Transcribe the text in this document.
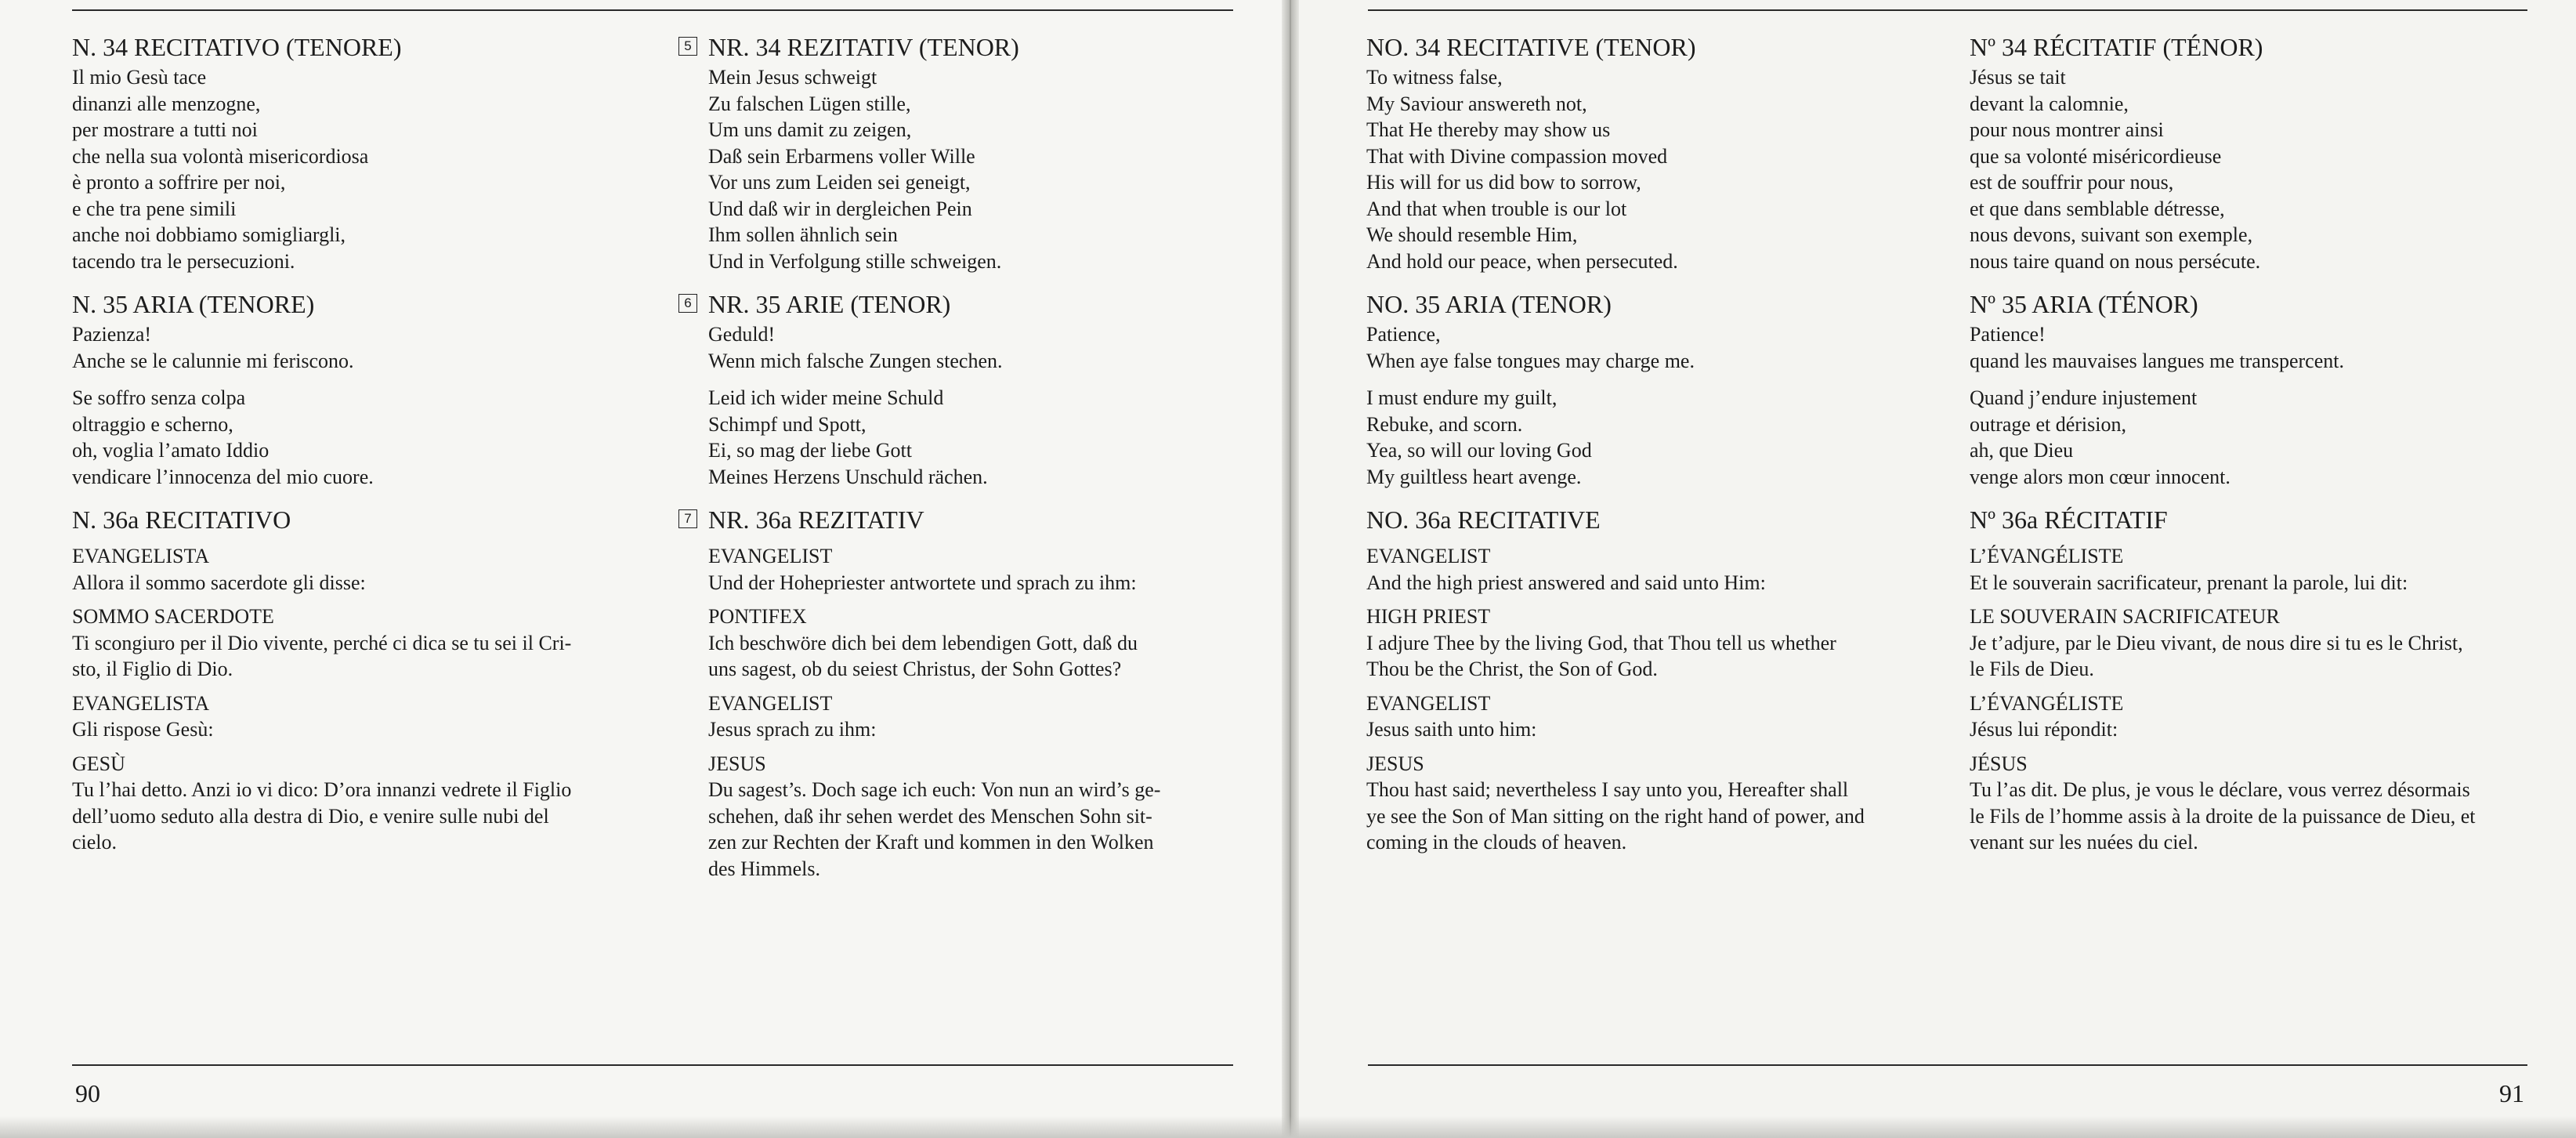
N. 34 RECITATIVO (TENORE)
Il mio Gesù tace
dinanzi alle menzogne,
per mostrare a tutti noi
che nella sua volontà misericordiosa
è pronto a soffrire per noi,
e che tra pene simili
anche noi dobbiamo somigliargli,
tacendo tra le persecuzioni.
N. 35 ARIA (TENORE)
Pazienza!
Anche se le calunnie mi feriscono.
Se soffro senza colpa
oltraggio e scherno,
oh, voglia l’amato Iddio
vendicare l’innocenza del mio cuore.
N. 36a RECITATIVO
EVANGELISTA
Allora il sommo sacerdote gli disse:
SOMMO SACERDOTE
Ti scongiuro per il Dio vivente, perché ci dica se tu sei il Cri-
sto, il Figlio di Dio.
EVANGELISTA
Gli rispose Gesù:
GESÙ
Tu l’hai detto. Anzi io vi dico: D’ora innanzi vedrete il Figlio
dell’uomo seduto alla destra di Dio, e venire sulle nubi del
cielo.
5 NR. 34 REZITATIV (TENOR)
Mein Jesus schweigt
Zu falschen Lügen stille,
Um uns damit zu zeigen,
Daß sein Erbarmens voller Wille
Vor uns zum Leiden sei geneigt,
Und daß wir in dergleichen Pein
Ihm sollen ähnlich sein
Und in Verfolgung stille schweigen.
6 NR. 35 ARIE (TENOR)
Geduld!
Wenn mich falsche Zungen stechen.
Leid ich wider meine Schuld
Schimpf und Spott,
Ei, so mag der liebe Gott
Meines Herzens Unschuld rächen.
7 NR. 36a REZITATIV
EVANGELIST
Und der Hohepriester antwortete und sprach zu ihm:
PONTIFEX
Ich beschwöre dich bei dem lebendigen Gott, daß du
uns sagest, ob du seiest Christus, der Sohn Gottes?
EVANGELIST
Jesus sprach zu ihm:
JESUS
Du sagest’s. Doch sage ich euch: Von nun an wird’s ge-
schehen, daß ihr sehen werdet des Menschen Sohn sit-
zen zur Rechten der Kraft und kommen in den Wolken
des Himmels.
90
NO. 34 RECITATIVE (TENOR)
To witness false,
My Saviour answereth not,
That He thereby may show us
That with Divine compassion moved
His will for us did bow to sorrow,
And that when trouble is our lot
We should resemble Him,
And hold our peace, when persecuted.
NO. 35 ARIA (TENOR)
Patience,
When aye false tongues may charge me.
I must endure my guilt,
Rebuke, and scorn.
Yea, so will our loving God
My guiltless heart avenge.
NO. 36a RECITATIVE
EVANGELIST
And the high priest answered and said unto Him:
HIGH PRIEST
I adjure Thee by the living God, that Thou tell us whether
Thou be the Christ, the Son of God.
EVANGELIST
Jesus saith unto him:
JESUS
Thou hast said; nevertheless I say unto you, Hereafter shall
ye see the Son of Man sitting on the right hand of power, and
coming in the clouds of heaven.
Nº 34 RÉCITATIF (TÉNOR)
Jésus se tait
devant la calomnie,
pour nous montrer ainsi
que sa volonté miséricordieuse
est de souffrir pour nous,
et que dans semblable détresse,
nous devons, suivant son exemple,
nous taire quand on nous persécute.
Nº 35 ARIA (TÉNOR)
Patience!
quand les mauvaises langues me transpercent.
Quand j’endure injustement
outrage et dérision,
ah, que Dieu
venge alors mon cœur innocent.
Nº 36a RÉCITATIF
L’ÉVANGÉLISTE
Et le souverain sacrificateur, prenant la parole, lui dit:
LE SOUVERAIN SACRIFICATEUR
Je t’adjure, par le Dieu vivant, de nous dire si tu es le Christ,
le Fils de Dieu.
L’ÉVANGÉLISTE
Jésus lui répondit:
JÉSUS
Tu l’as dit. De plus, je vous le déclare, vous verrez désormais
le Fils de l’homme assis à la droite de la puissance de Dieu, et
venant sur les nuées du ciel.
91
